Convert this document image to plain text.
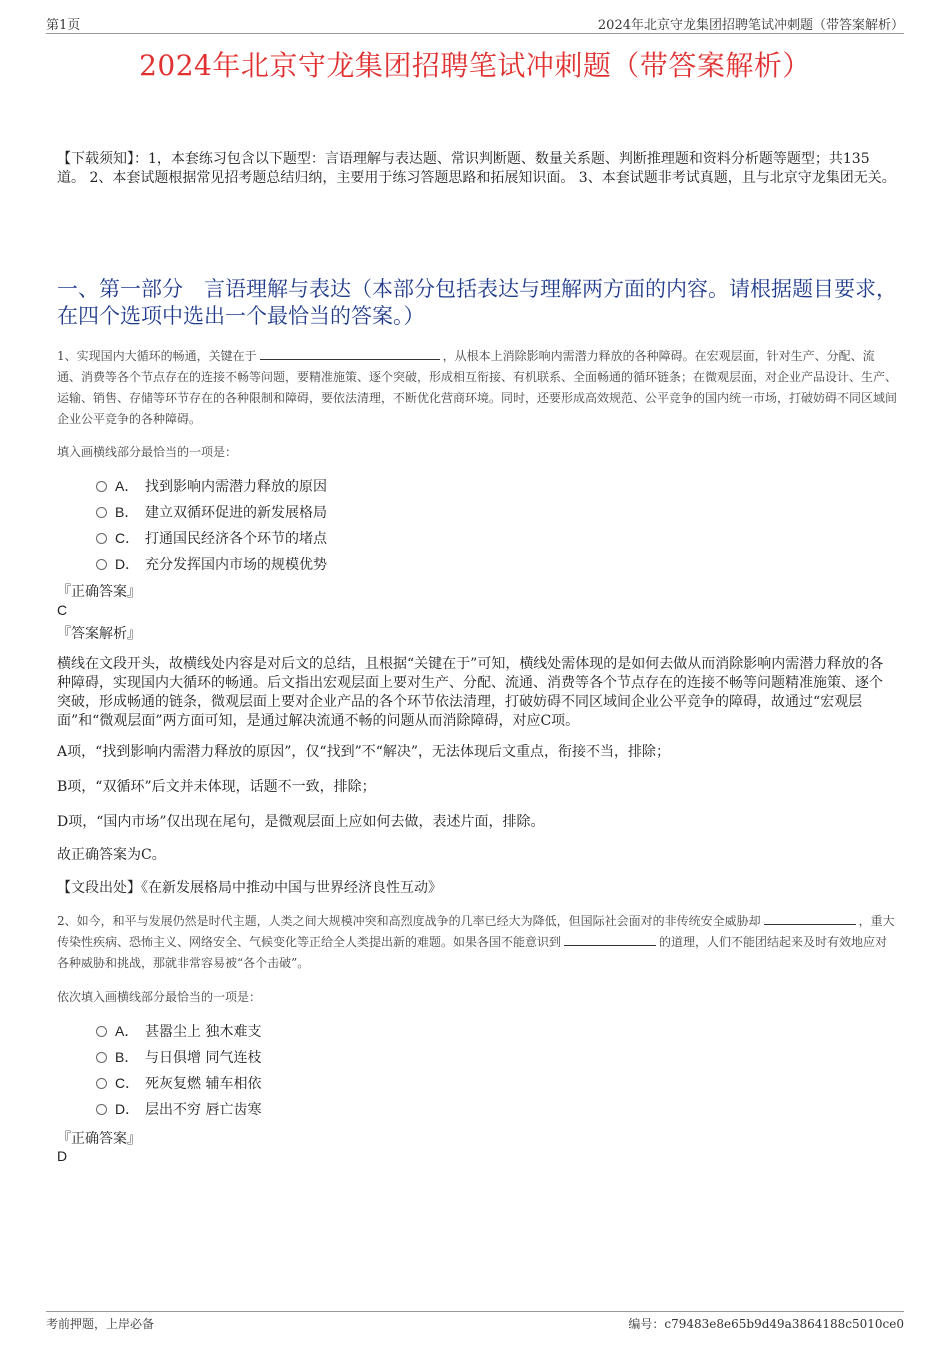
第1页	2024年北京守龙集团招聘笔试冲刺题（带答案解析）
2024年北京守龙集团招聘笔试冲刺题（带答案解析）
【下载须知】：1，本套练习包含以下题型：言语理解与表达题、常识判断题、数量关系题、判断推理题和资料分析题等题型；共135道。 2、本套试题根据常见招考题总结归纳，主要用于练习答题思路和拓展知识面。 3、本套试题非考试真题，且与北京守龙集团无关。
一、第一部分　言语理解与表达（本部分包括表达与理解两方面的内容。请根据题目要求，在四个选项中选出一个最恰当的答案。）
1、实现国内大循环的畅通，关键在于	，从根本上消除影响内需潜力释放的各种障碍。在宏观层面，针对生产、分配、流通、消费等各个节点存在的连接不畅等问题，要精准施策、逐个突破，形成相互衔接、有机联系、全面畅通的循环链条；在微观层面，对企业产品设计、生产、运输、销售、存储等环节存在的各种限制和障碍，要依法清理，不断优化营商环境。同时，还要形成高效规范、公平竞争的国内统一市场，打破妨碍不同区域间企业公平竞争的各种障碍。
填入画横线部分最恰当的一项是：
A． 找到影响内需潜力释放的原因
B． 建立双循环促进的新发展格局
C． 打通国民经济各个环节的堵点
D． 充分发挥国内市场的规模优势
『正确答案』
C
『答案解析』
横线在文段开头，故横线处内容是对后文的总结，且根据“关键在于”可知，横线处需体现的是如何去做从而消除影响内需潜力释放的各种障碍，实现国内大循环的畅通。后文指出宏观层面上要对生产、分配、流通、消费等各个节点存在的连接不畅等问题精准施策、逐个突破，形成畅通的链条，微观层面上要对企业产品的各个环节依法清理，打破妨碍不同区域间企业公平竞争的障碍，故通过“宏观层面”和“微观层面”两方面可知，是通过解决流通不畅的问题从而消除障碍，对应C项。
A项，“找到影响内需潜力释放的原因”，仅“找到”不“解决”，无法体现后文重点，衔接不当，排除；
B项，“双循环”后文并未体现，话题不一致，排除；
D项，“国内市场”仅出现在尾句，是微观层面上应如何去做，表述片面，排除。
故正确答案为C。
【文段出处】《在新发展格局中推动中国与世界经济良性互动》
2、如今，和平与发展仍然是时代主题，人类之间大规模冲突和高烈度战争的几率已经大为降低，但国际社会面对的非传统安全威胁却	，重大传染性疾病、恐怖主义、网络安全、气候变化等正给全人类提出新的难题。如果各国不能意识到	的道理，人们不能团结起来及时有效地应对各种威胁和挑战，那就非常容易被“各个击破”。
依次填入画横线部分最恰当的一项是：
A． 甚嚣尘上 独木难支
B． 与日俱增 同气连枝
C． 死灰复燃 辅车相依
D． 层出不穷 唇亡齿寒
『正确答案』
D
考前押题，上岸必备	编号：c79483e8e65b9d49a3864188c5010ce0
